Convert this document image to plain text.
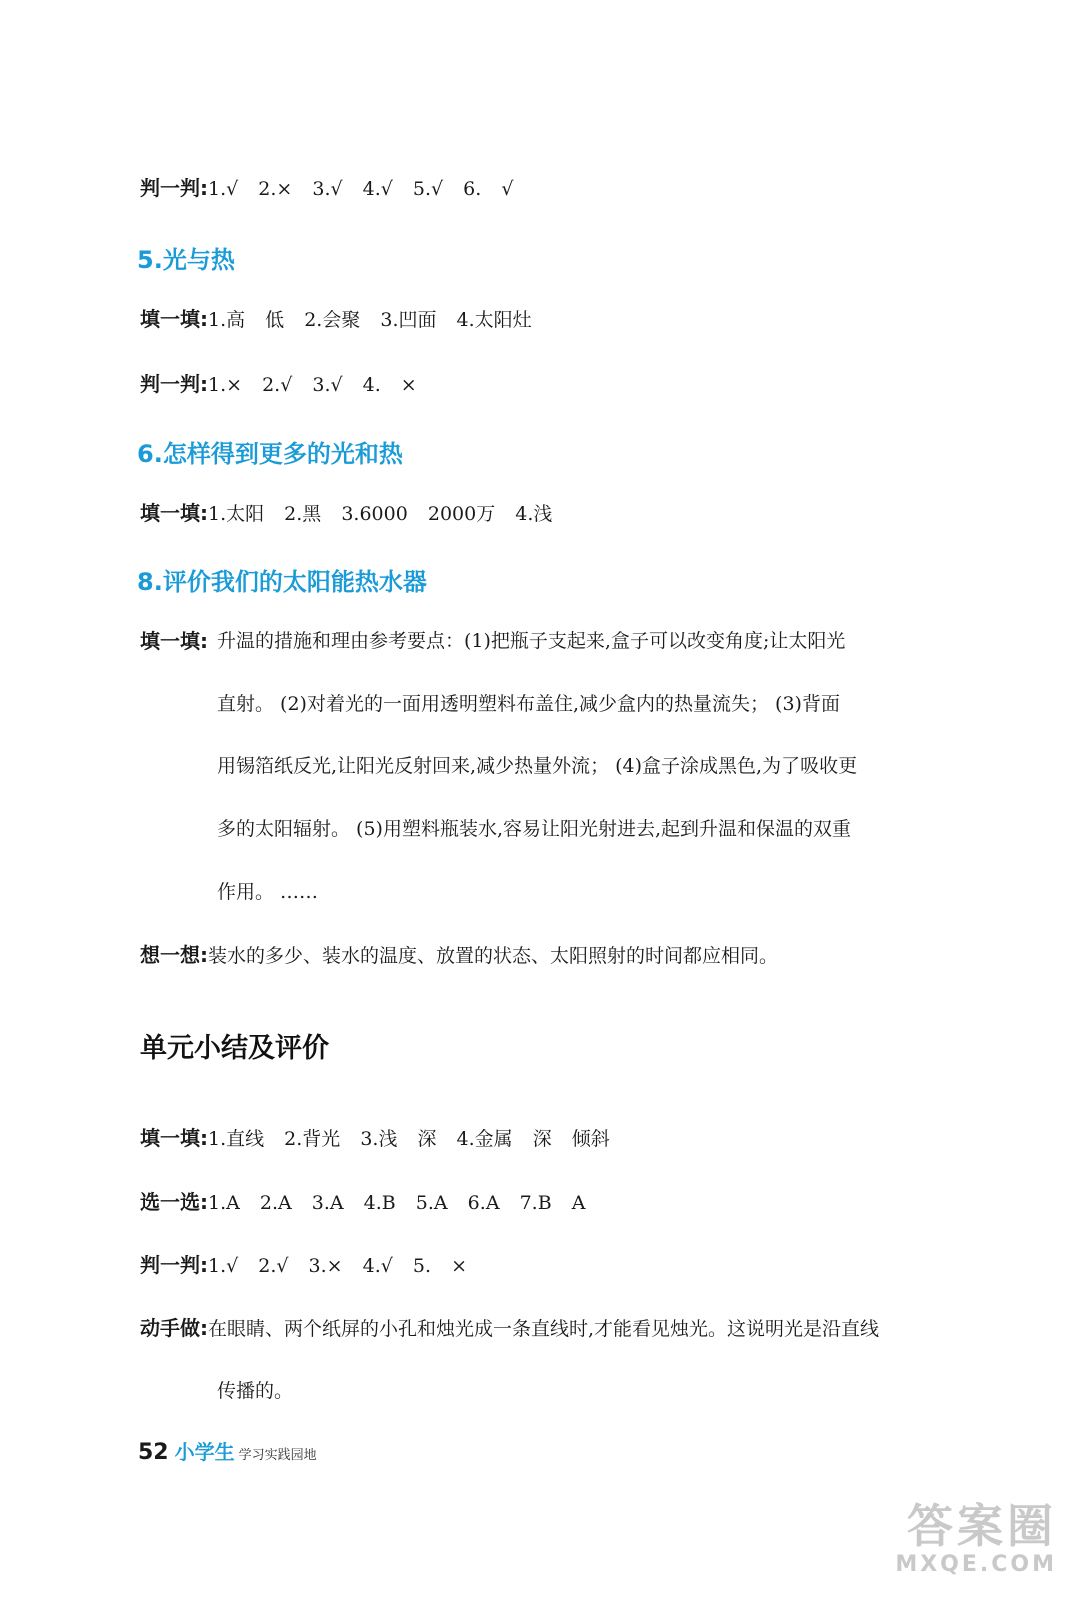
判一判:1.√ 2.× 3.√ 4.√ 5.√ 6. √
5.光与热
填一填:1.高 低 2.会聚 3.凹面 4.太阳灶
判一判:1.× 2.√ 3.√ 4. ×
6.怎样得到更多的光和热
填一填:1.太阳 2.黑 3.6000 2000万 4.浅
8.评价我们的太阳能热水器
填一填: 升温的措施和理由参考要点：(1)把瓶子支起来,盒子可以改变角度;让太阳光
直射。 (2)对着光的一面用透明塑料布盖住,减少盒内的热量流失； (3)背面
用锡箔纸反光,让阳光反射回来,减少热量外流； (4)盒子涂成黑色,为了吸收更
多的太阳辐射。 (5)用塑料瓶装水,容易让阳光射进去,起到升温和保温的双重
作用。 ……
想一想:装水的多少、装水的温度、放置的状态、太阳照射的时间都应相同。
单元小结及评价
填一填:1.直线 2.背光 3.浅 深 4.金属 深 倾斜
选一选:1.A 2.A 3.A 4.B 5.A 6.A 7.B A
判一判:1.√ 2.√ 3.× 4.√ 5. ×
动手做:在眼睛、两个纸屏的小孔和烛光成一条直线时,才能看见烛光。这说明光是沿直线
传播的。
52 小学生 学习实践园地
答案圈
MXQE.COM
